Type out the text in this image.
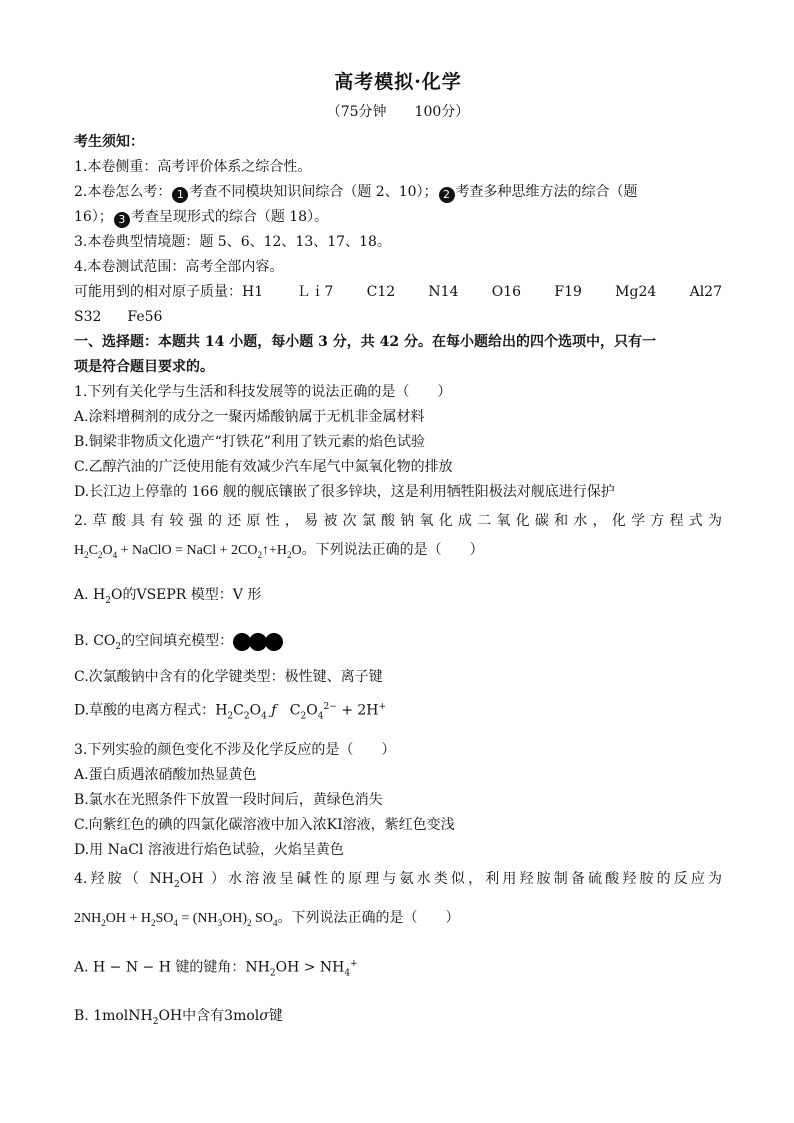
高考模拟·化学
（75分钟 100分）
考生须知：
1.本卷侧重：高考评价体系之综合性。
2.本卷怎么考： 1 考查不同模块知识间综合（题 2、10）； 2 考查多种思维方法的综合（题
16）； 3 考查呈现形式的综合（题 18）。
3.本卷典型情境题：题 5、6、12、13、17、18。
4.本卷测试范围：高考全部内容。
可能用到的相对原子质量：H1 Ｌｉ7 C12 N14 O16 F19 Mg24 Al27
S32 Fe56
一、选择题：本题共 14 小题，每小题 3 分，共 42 分。在每小题给出的四个选项中，只有一
项是符合题目要求的。
1.下列有关化学与生活和科技发展等的说法正确的是（　　）
A.涂料增稠剂的成分之一聚丙烯酸钠属于无机非金属材料
B.铜梁非物质文化遗产“打铁花”利用了铁元素的焰色试验
C.乙醇汽油的广泛使用能有效减少汽车尾气中氮氧化物的排放
D.长江边上停靠的 166 舰的舰底镶嵌了很多锌块，这是利用牺牲阳极法对舰底进行保护
2.草酸具有较强的还原性，易被次氯酸钠氧化成二氧化碳和水，化学方程式为
$H_2C_2O_4$ + NaClO = NaCl + $2CO_2↑+H_2O$。下列说法正确的是（　　）
A. $H_2O$的VSEPR 模型：V 形
B. $CO_2$的空间填充模型：
C.次氯酸钠中含有的化学键类型：极性键、离子键
D.草酸的电离方程式：$H_2C_2O_4$ ƒ   $C_2O_4^{2-} + 2H^+$
3.下列实验的颜色变化不涉及化学反应的是（　　）
A.蛋白质遇浓硝酸加热显黄色
B.氯水在光照条件下放置一段时间后，黄绿色消失
C.向紫红色的碘的四氯化碳溶液中加入浓KI溶液，紫红色变浅
D.用 NaCl 溶液进行焰色试验，火焰呈黄色
4.羟胺（ $NH_2OH$ ）水溶液呈碱性的原理与氨水类似，利用羟胺制备硫酸羟胺的反应为
$2NH_2OH + H_2SO_4 = (NH_3OH)_2$ $SO_4$。下列说法正确的是（　　）
A. H − N − H 键的键角：$NH_2OH > NH_4^+$
B. 1molNH$_2$OH中含有3molσ键
